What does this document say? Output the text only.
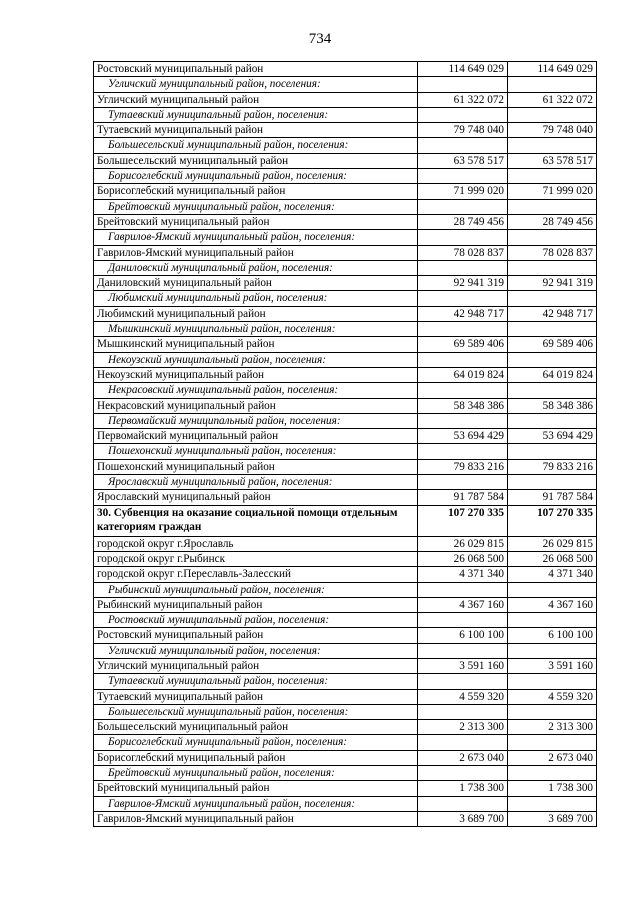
734
Ростовский муниципальный район	114 649 029	114 649 029
Угличский муниципальный район, поселения:		
Угличский муниципальный район	61 322 072	61 322 072
Тутаевский муниципальный район, поселения:		
Тутаевский муниципальный район	79 748 040	79 748 040
Большесельский муниципальный район, поселения:		
Большесельский муниципальный район	63 578 517	63 578 517
Борисоглебский муниципальный район, поселения:		
Борисоглебский муниципальный район	71 999 020	71 999 020
Брейтовский муниципальный район, поселения:		
Брейтовский муниципальный район	28 749 456	28 749 456
Гаврилов-Ямский муниципальный район, поселения:		
Гаврилов-Ямский муниципальный район	78 028 837	78 028 837
Даниловский муниципальный район, поселения:		
Даниловский муниципальный район	92 941 319	92 941 319
Любимский муниципальный район, поселения:		
Любимский муниципальный район	42 948 717	42 948 717
Мышкинский муниципальный район, поселения:		
Мышкинский муниципальный район	69 589 406	69 589 406
Некоузский муниципальный район, поселения:		
Некоузский муниципальный район	64 019 824	64 019 824
Некрасовский муниципальный район, поселения:		
Некрасовский муниципальный район	58 348 386	58 348 386
Первомайский муниципальный район, поселения:		
Первомайский муниципальный район	53 694 429	53 694 429
Пошехонский муниципальный район, поселения:		
Пошехонский муниципальный район	79 833 216	79 833 216
Ярославский муниципальный район, поселения:		
Ярославский муниципальный район	91 787 584	91 787 584
30. Субвенция на оказание социальной помощи отдельным категориям граждан	107 270 335	107 270 335
городской округ г.Ярославль	26 029 815	26 029 815
городской округ г.Рыбинск	26 068 500	26 068 500
городской округ г.Переславль-Залесский	4 371 340	4 371 340
Рыбинский муниципальный район, поселения:		
Рыбинский муниципальный район	4 367 160	4 367 160
Ростовский муниципальный район, поселения:		
Ростовский муниципальный район	6 100 100	6 100 100
Угличский муниципальный район, поселения:		
Угличский муниципальный район	3 591 160	3 591 160
Тутаевский муниципальный район, поселения:		
Тутаевский муниципальный район	4 559 320	4 559 320
Большесельский муниципальный район, поселения:		
Большесельский муниципальный район	2 313 300	2 313 300
Борисоглебский муниципальный район, поселения:		
Борисоглебский муниципальный район	2 673 040	2 673 040
Брейтовский муниципальный район, поселения:		
Брейтовский муниципальный район	1 738 300	1 738 300
Гаврилов-Ямский муниципальный район, поселения:		
Гаврилов-Ямский муниципальный район	3 689 700	3 689 700
